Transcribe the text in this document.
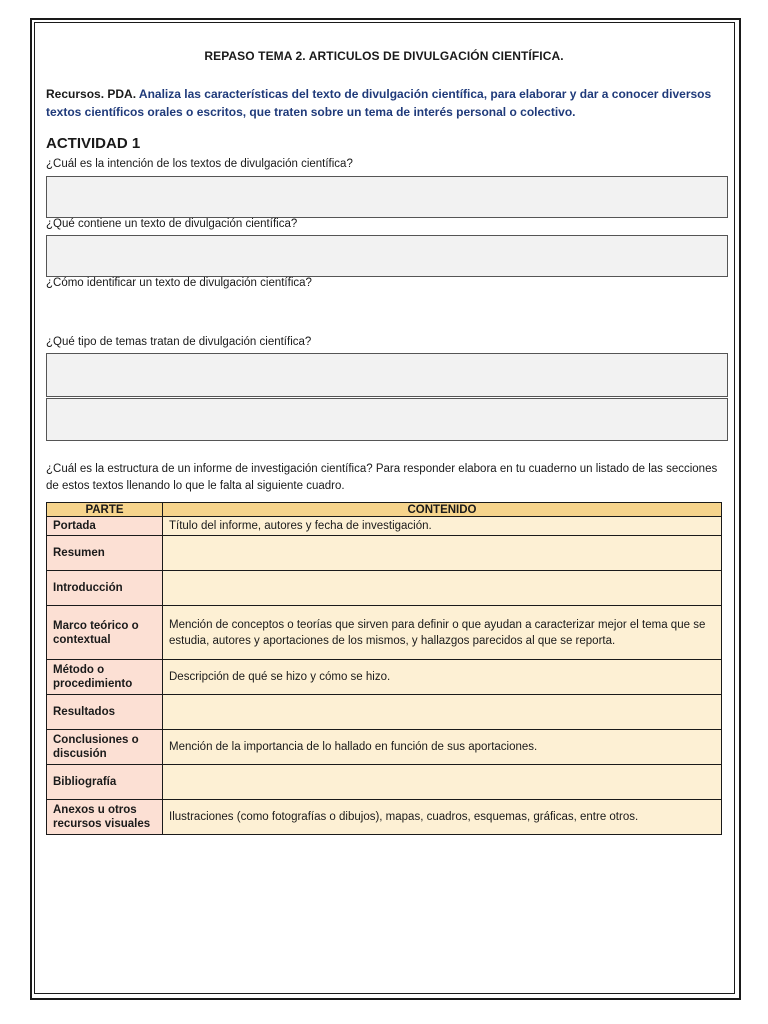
REPASO TEMA 2. ARTICULOS DE DIVULGACIÓN CIENTÍFICA.
Recursos. PDA. Analiza las características del texto de divulgación científica, para elaborar y dar a conocer diversos textos científicos orales o escritos, que traten sobre un tema de interés personal o colectivo.
ACTIVIDAD 1
¿Cuál es la intención de los textos de divulgación científica?
¿Qué contiene un texto de divulgación científica?
¿Cómo identificar un texto de divulgación científica?
¿Qué tipo de temas tratan de divulgación científica?
¿Cuál es la estructura de un informe de investigación científica? Para responder elabora en tu cuaderno un listado de las secciones de estos textos llenando lo que le falta al siguiente cuadro.
PARTE	CONTENIDO
Portada	Título del informe, autores y fecha de investigación.
Resumen	
Introducción	
Marco teórico o contextual	Mención de conceptos o teorías que sirven para definir o que ayudan a caracterizar mejor el tema que se estudia, autores y aportaciones de los mismos, y hallazgos parecidos al que se reporta.
Método o procedimiento	Descripción de qué se hizo y cómo se hizo.
Resultados	
Conclusiones o discusión	Mención de la importancia de lo hallado en función de sus aportaciones.
Bibliografía	
Anexos u otros recursos visuales	Ilustraciones (como fotografías o dibujos), mapas, cuadros, esquemas, gráficas, entre otros.
